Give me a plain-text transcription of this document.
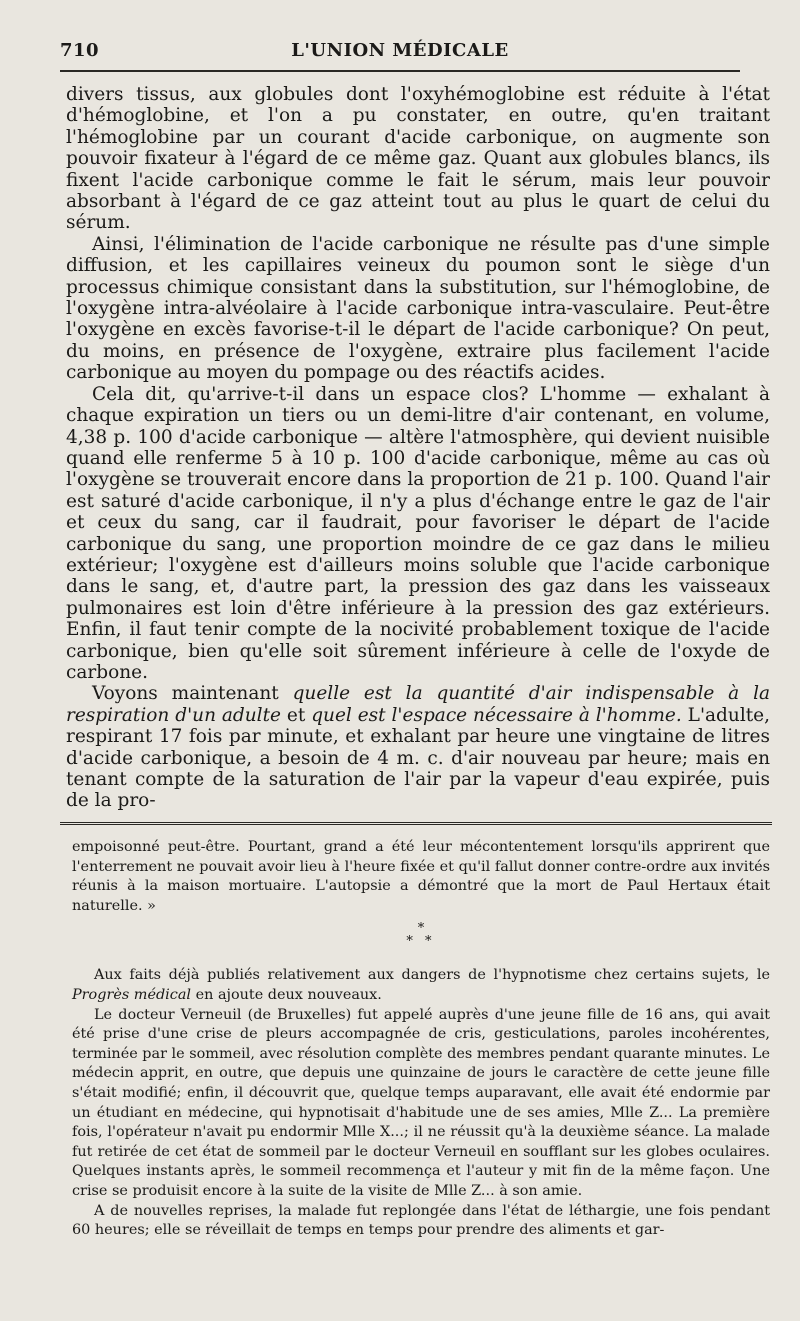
710	L'UNION MÉDICALE

divers tissus, aux globules dont l'oxyhémoglobine est réduite à l'état d'hémoglobine, et l'on a pu constater, en outre, qu'en traitant l'hémoglobine par un courant d'acide carbonique, on augmente son pouvoir fixateur à l'égard de ce même gaz. Quant aux globules blancs, ils fixent l'acide carbonique comme le fait le sérum, mais leur pouvoir absorbant à l'égard de ce gaz atteint tout au plus le quart de celui du sérum.

Ainsi, l'élimination de l'acide carbonique ne résulte pas d'une simple diffusion, et les capillaires veineux du poumon sont le siège d'un processus chimique consistant dans la substitution, sur l'hémoglobine, de l'oxygène intra-alvéolaire à l'acide carbonique intra-vasculaire. Peut-être l'oxygène en excès favorise-t-il le départ de l'acide carbonique? On peut, du moins, en présence de l'oxygène, extraire plus facilement l'acide carbonique au moyen du pompage ou des réactifs acides.

Cela dit, qu'arrive-t-il dans un espace clos? L'homme — exhalant à chaque expiration un tiers ou un demi-litre d'air contenant, en volume, 4,38 p. 100 d'acide carbonique — altère l'atmosphère, qui devient nuisible quand elle renferme 5 à 10 p. 100 d'acide carbonique, même au cas où l'oxygène se trouverait encore dans la proportion de 21 p. 100. Quand l'air est saturé d'acide carbonique, il n'y a plus d'échange entre le gaz de l'air et ceux du sang, car il faudrait, pour favoriser le départ de l'acide carbonique du sang, une proportion moindre de ce gaz dans le milieu extérieur; l'oxygène est d'ailleurs moins soluble que l'acide carbonique dans le sang, et, d'autre part, la pression des gaz dans les vaisseaux pulmonaires est loin d'être inférieure à la pression des gaz extérieurs. Enfin, il faut tenir compte de la nocivité probablement toxique de l'acide carbonique, bien qu'elle soit sûrement inférieure à celle de l'oxyde de carbone.

Voyons maintenant quelle est la quantité d'air indispensable à la respiration d'un adulte et quel est l'espace nécessaire à l'homme. L'adulte, respirant 17 fois par minute, et exhalant par heure une vingtaine de litres d'acide carbonique, a besoin de 4 m. c. d'air nouveau par heure; mais en tenant compte de la saturation de l'air par la vapeur d'eau expirée, puis de la pro-

empoisonné peut-être. Pourtant, grand a été leur mécontentement lorsqu'ils apprirent que l'enterrement ne pouvait avoir lieu à l'heure fixée et qu'il fallut donner contre-ordre aux invités réunis à la maison mortuaire. L'autopsie a démontré que la mort de Paul Hertaux était naturelle. »

*
* *

Aux faits déjà publiés relativement aux dangers de l'hypnotisme chez certains sujets, le Progrès médical en ajoute deux nouveaux.

Le docteur Verneuil (de Bruxelles) fut appelé auprès d'une jeune fille de 16 ans, qui avait été prise d'une crise de pleurs accompagnée de cris, gesticulations, paroles incohérentes, terminée par le sommeil, avec résolution complète des membres pendant quarante minutes. Le médecin apprit, en outre, que depuis une quinzaine de jours le caractère de cette jeune fille s'était modifié; enfin, il découvrit que, quelque temps auparavant, elle avait été endormie par un étudiant en médecine, qui hypnotisait d'habitude une de ses amies, Mlle Z... La première fois, l'opérateur n'avait pu endormir Mlle X...; il ne réussit qu'à la deuxième séance. La malade fut retirée de cet état de sommeil par le docteur Verneuil en soufflant sur les globes oculaires. Quelques instants après, le sommeil recommença et l'auteur y mit fin de la même façon. Une crise se produisit encore à la suite de la visite de Mlle Z... à son amie.

A de nouvelles reprises, la malade fut replongée dans l'état de léthargie, une fois pendant 60 heures; elle se réveillait de temps en temps pour prendre des aliments et gar-
